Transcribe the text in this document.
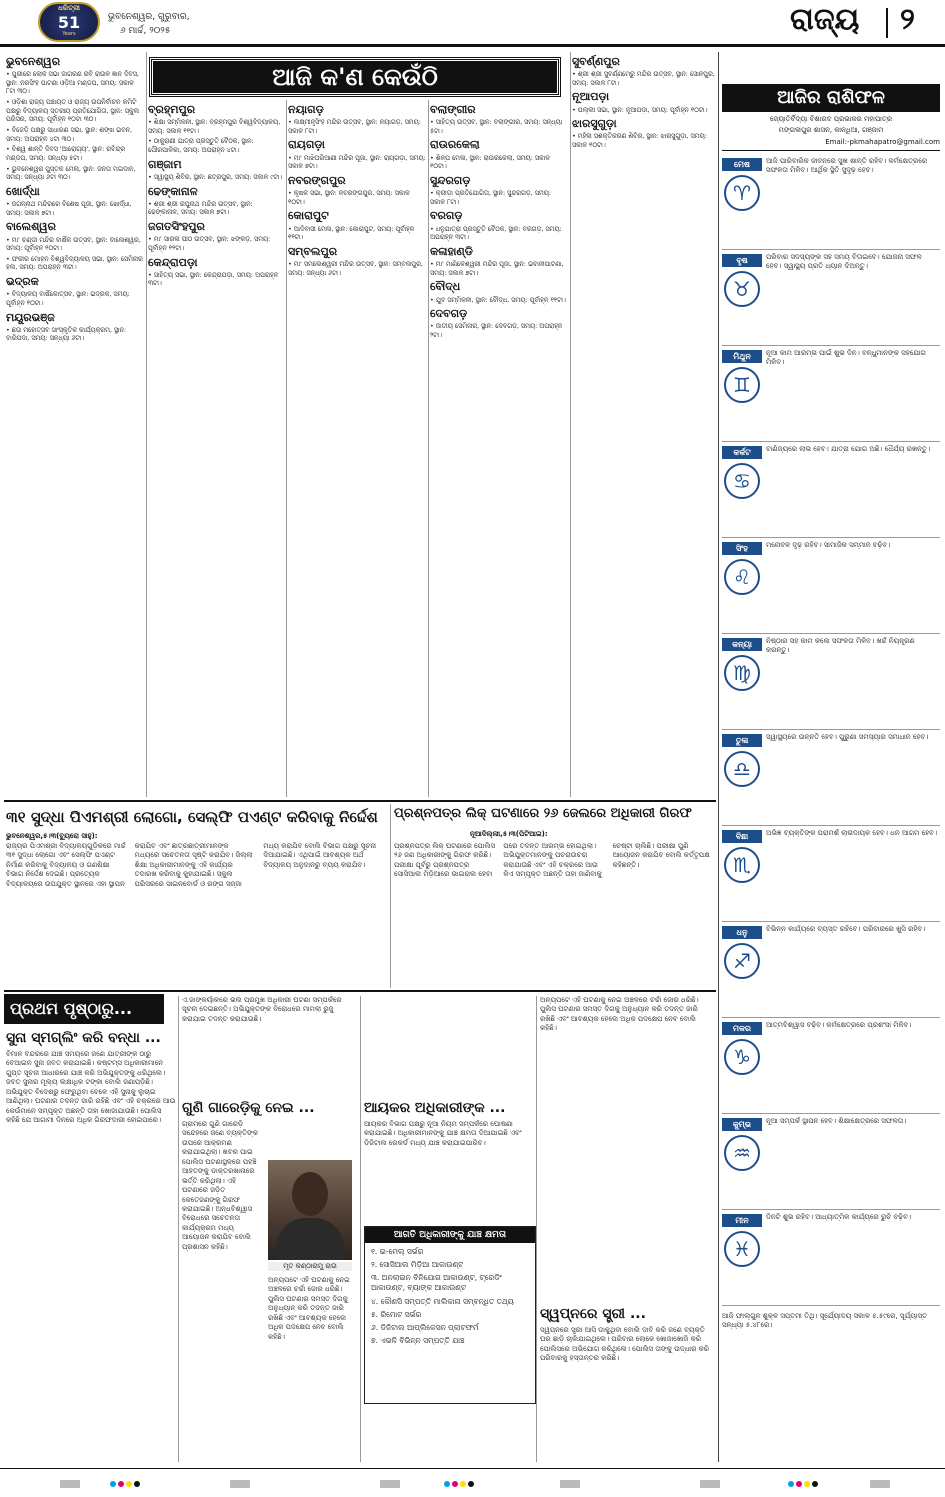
ଧରିତ୍ରୀ
51
Years
ଭୁବନେଶ୍ୱର, ଗୁରୁବାର,
୬ ମାର୍ଚ୍ଚ, ୨୦୨୫	ରାଜ୍ୟ ୨
ଆଜି କ'ଣ କେଉଁଠି
ଭୁବନେଶ୍ୱର

• ପୁରୀରେ ଲୋକ ସଭା ଜାଗରଣ ରବି ରାଉଳ ଜ୍ଞାନ ଦିବସ, ସ୍ଥାନ: ନରସିଂହ ପାଟଣା ଓଡ଼ିଆ ମଣ୍ଡପ, ସମୟ: ସକାଳ ୮ଟା ୩୦।

• ଓଡ଼ିଶା ରାଜ୍ୟ ପଞ୍ଚାୟତ ଓ ରାଜ୍ୟ ଉପନିର୍ବାଚନ କମିଟି ପକ୍ଷରୁ ବିଦ୍ୟାଳୟ ସ୍ତରୀୟ ପ୍ରତିଯୋଗିତା, ସ୍ଥାନ: ସ୍କୁଲ ପରିସର, ସମୟ: ପୂର୍ବାହ୍ନ ୧୦ଟା ୩୦।

• ବିଜେଡ଼ି ପକ୍ଷରୁ ସାଧାରଣ ସଭା, ସ୍ଥାନ: ଶଙ୍ଖ ଭବନ, ସମୟ: ଅପରାହ୍ନ ୪ଟା ୩୦।

• ବିଶ୍ୱ ଶାନ୍ତି ଦିବସ 'ଆରୋଗ୍ୟ', ସ୍ଥାନ: ରବିନ୍ଦ୍ର ମଣ୍ଡପ, ସମୟ: ସନ୍ଧ୍ୟା ୫ଟା।

• ଭୁବନେଶ୍ୱର ପୁସ୍ତକ ମେଳା, ସ୍ଥାନ: ଜନତା ମଇଦାନ, ସମୟ: ସନ୍ଧ୍ୟା ୬ଟା ୩୦।

ଖୋର୍ଦ୍ଧା

• ଜଗନ୍ନାଥ ମନ୍ଦିରରେ ବିଶେଷ ପୂଜା, ସ୍ଥାନ: ଖୋର୍ଦ୍ଧା, ସମୟ: ସକାଳ ୭ଟା।

ବାଲେଶ୍ୱର

• ମା' ଚଣ୍ଡୀ ମନ୍ଦିର ବାର୍ଷିକ ଉତ୍ସବ, ସ୍ଥାନ: ବାଲେଶ୍ୱର, ସମୟ: ପୂର୍ବାହ୍ନ ୧୦ଟା।

• ଫକୀର ମୋହନ ବିଶ୍ୱବିଦ୍ୟାଳୟ ସଭା, ସ୍ଥାନ: ସେମିନାର ହଲ, ସମୟ: ଅପରାହ୍ନ ୩ଟା।

ଭଦ୍ରକ

• ବିଦ୍ୟାଳୟ ବାର୍ଷିକୋତ୍ସବ, ସ୍ଥାନ: ଭଦ୍ରକ, ସମୟ: ପୂର୍ବାହ୍ନ ୧୦ଟା।

ମୟୂରଭଞ୍ଜ

• ଛଉ ମହୋତ୍ସବ ସାଂସ୍କୃତିକ କାର୍ଯ୍ୟକ୍ରମ, ସ୍ଥାନ: ବାରିପଦା, ସମୟ: ସନ୍ଧ୍ୟା ୬ଟା।

ବ୍ରହ୍ମପୁର

• ଶିକ୍ଷା ସମ୍ମିଳନୀ, ସ୍ଥାନ: ବ୍ରହ୍ମପୁର ବିଶ୍ୱବିଦ୍ୟାଳୟ, ସମୟ: ସକାଳ ୧୧ଟା।

• ଠାକୁରାଣୀ ଯାତ୍ରା ପ୍ରସ୍ତୁତି ବୈଠକ, ସ୍ଥାନ: ପୌରପାଳିକା, ସମୟ: ଅପରାହ୍ନ ୪ଟା।

ଗଞ୍ଜାମ

• ସ୍ୱାସ୍ଥ୍ୟ ଶିବିର, ସ୍ଥାନ: ଛତ୍ରପୁର, ସମୟ: ସକାଳ ୯ଟା।

ଢେଙ୍କାନାଳ

• ଶ୍ରୀ ଶ୍ରୀ ରଘୁନାଥ ମନ୍ଦିର ଉତ୍ସବ, ସ୍ଥାନ: ଢେଙ୍କାନାଳ, ସମୟ: ସକାଳ ୭ଟା।

ଜଗତସିଂହପୁର

• ମା' ସାରଳା ପୀଠ ଉତ୍ସବ, ସ୍ଥାନ: ଝଙ୍କଡ଼, ସମୟ: ପୂର୍ବାହ୍ନ ୧୧ଟା।

କେନ୍ଦ୍ରାପଡ଼ା

• ସାହିତ୍ୟ ସଭା, ସ୍ଥାନ: କେନ୍ଦ୍ରାପଡ଼ା, ସମୟ: ଅପରାହ୍ନ ୩ଟା।

ନୟାଗଡ଼

• ଲକ୍ଷ୍ମୀନୃସିଂହ ମନ୍ଦିର ଉତ୍ସବ, ସ୍ଥାନ: ନୟାଗଡ଼, ସମୟ: ସକାଳ ୮ଟା।

ରାୟଗଡ଼ା

• ମା' ମାଝିଘରିଆଣୀ ମନ୍ଦିର ପୂଜା, ସ୍ଥାନ: ରାୟଗଡ଼ା, ସମୟ: ସକାଳ ୭ଟା।

ନବରଙ୍ଗପୁର

• କୃଷକ ସଭା, ସ୍ଥାନ: ନବରଙ୍ଗପୁର, ସମୟ: ସକାଳ ୧୦ଟା।

କୋରାପୁଟ

• ଆଦିବାସୀ ମେଳା, ସ୍ଥାନ: କୋରାପୁଟ, ସମୟ: ପୂର୍ବାହ୍ନ ୧୧ଟା।

ସମ୍ବଲପୁର

• ମା' ସମଲେଶ୍ୱରୀ ମନ୍ଦିର ଉତ୍ସବ, ସ୍ଥାନ: ସମ୍ବଲପୁର, ସମୟ: ସନ୍ଧ୍ୟା ୬ଟା।

ବଲାଙ୍ଗୀର

• ସାହିତ୍ୟ ଉତ୍ସବ, ସ୍ଥାନ: ବଲାଙ୍ଗୀର, ସମୟ: ସନ୍ଧ୍ୟା ୫ଟା।

ରାଉରକେଲା

• ଶିଳ୍ପ ମେଳା, ସ୍ଥାନ: ରାଉରକେଲା, ସମୟ: ସକାଳ ୧୦ଟା।

ସୁନ୍ଦରଗଡ଼

• କ୍ରୀଡ଼ା ପ୍ରତିଯୋଗିତା, ସ୍ଥାନ: ସୁନ୍ଦରଗଡ଼, ସମୟ: ସକାଳ ୮ଟା।

ବରଗଡ଼

• ଧନୁଯାତ୍ରା ପ୍ରସ୍ତୁତି ବୈଠକ, ସ୍ଥାନ: ବରଗଡ଼, ସମୟ: ଅପରାହ୍ନ ୩ଟା।

କଳାହାଣ୍ଡି

• ମା' ମାଣିକେଶ୍ୱରୀ ମନ୍ଦିର ପୂଜା, ସ୍ଥାନ: ଭବାନୀପାଟଣା, ସମୟ: ସକାଳ ୭ଟା।

ବୌଦ୍ଧ

• ଯୁବ ସମ୍ମିଳନୀ, ସ୍ଥାନ: ବୌଦ୍ଧ, ସମୟ: ପୂର୍ବାହ୍ନ ୧୧ଟା।

ଦେବଗଡ଼

• ଜାତୀୟ ସେମିନାର, ସ୍ଥାନ: ଦେବଗଡ଼, ସମୟ: ଅପରାହ୍ନ ୨ଟା।

ସୁବର୍ଣ୍ଣପୁର

• ଶ୍ରୀ ଶ୍ରୀ ସୁବର୍ଣ୍ଣମେରୁ ମନ୍ଦିର ଉତ୍ସବ, ସ୍ଥାନ: ସୋନପୁର, ସମୟ: ସକାଳ ୮ଟା।

ନୂଆପଡ଼ା

• ପଲ୍ଲୀ ସଭା, ସ୍ଥାନ: ନୂଆପଡ଼ା, ସମୟ: ପୂର୍ବାହ୍ନ ୧୦ଟା।

ଝାରସୁଗୁଡ଼ା

• ମହିଳା ସଶକ୍ତିକରଣ ଶିବିର, ସ୍ଥାନ: ଝାରସୁଗୁଡ଼ା, ସମୟ: ସକାଳ ୧୦ଟା।

ଆଜିର ରାଶିଫଳ
ଜ୍ୟୋତିର୍ବିଦ୍ୟା ବିଶାରଦ ପ୍ରଭାକର ମହାପାତ୍ର
ମଙ୍ଗଳାପୁର ଶାସନ, କାନ୍ଧିଆ, ଗଞ୍ଜାମ
Email:-pkmahapatro@gmail.com
ମେଷ
♈
ଆଜି ପାରିବାରିକ ଜୀବନରେ ସୁଖ ଶାନ୍ତି ରହିବ। କର୍ମକ୍ଷେତ୍ରରେ ସଫଳତା ମିଳିବ। ଆର୍ଥିକ ସ୍ଥିତି ସୁଦୃଢ଼ ହେବ।
ବୃଷ
♉
ପରିବାର ସଦସ୍ୟଙ୍କ ସହ ସମୟ ବିତାଇବେ। ଯୋଜନା ସଫଳ ହେବ। ସ୍ୱାସ୍ଥ୍ୟ ପ୍ରତି ଧ୍ୟାନ ଦିଅନ୍ତୁ।
ମିଥୁନ
♊
ନୂଆ କାମ ଆରମ୍ଭ ପାଇଁ ଶୁଭ ଦିନ। ବନ୍ଧୁମାନଙ୍କ ସହଯୋଗ ମିଳିବ।
କର୍କଟ
♋
ବାଣିଜ୍ୟରେ ଲାଭ ହେବ। ଯାତ୍ରା ଯୋଗ ଅଛି। ଧୈର୍ଯ୍ୟ ରଖନ୍ତୁ।
ସିଂହ
♌
ମନୋବଳ ଦୃଢ଼ ରହିବ। ସାମାଜିକ ସମ୍ମାନ ବଢ଼ିବ।
କନ୍ୟା
♍
ନିଷ୍ଠାର ସହ କାମ କଲେ ସଫଳତା ମିଳିବ। ଖର୍ଚ୍ଚ ନିୟନ୍ତ୍ରଣ କରନ୍ତୁ।
ତୁଳା
♎
ସ୍ୱାସ୍ଥ୍ୟରେ ଉନ୍ନତି ହେବ। ପୁରୁଣା ସମସ୍ୟାର ସମାଧାନ ହେବ।
ବିଛା
♏
ଅଭିଜ୍ଞ ବ୍ୟକ୍ତିଙ୍କ ପରାମର୍ଶ ଲାଭଦାୟକ ହେବ। ଧନ ଆଗମ ହେବ।
ଧନୁ
♐
ବିଭିନ୍ନ କାର୍ଯ୍ୟରେ ବ୍ୟସ୍ତ ରହିବେ। ପରିବାରରେ ଖୁସି ରହିବ।
ମକର
♑
ଆତ୍ମବିଶ୍ୱାସ ବଢ଼ିବ। କର୍ମକ୍ଷେତ୍ରରେ ପ୍ରଶଂସା ମିଳିବ।
କୁମ୍ଭ
♒
ନୂଆ ସମ୍ପର୍କ ସ୍ଥାପନ ହେବ। ଶିକ୍ଷାକ୍ଷେତ୍ରରେ ସଫଳତା।
ମୀନ
♓
ଦିନଟି ଶୁଭ ରହିବ। ଆଧ୍ୟାତ୍ମିକ କାର୍ଯ୍ୟରେ ରୁଚି ବଢ଼ିବ।
ଆଜି ଫାଲ୍ଗୁନ ଶୁକ୍ଳ ସପ୍ତମୀ ତିଥି। ସୂର୍ଯ୍ୟୋଦୟ ସକାଳ ୫.୫୯ରେ, ସୂର୍ଯ୍ୟାସ୍ତ ସନ୍ଧ୍ୟା ୫.୪୮ରେ।
୩୧ ସୁଦ୍ଧା ପିଏମଶ୍ରୀ ଲୋଗୋ, ସେଲ୍ଫି ପଏଣ୍ଟ କରିବାକୁ ନିର୍ଦ୍ଦେଶ
ଭୁବନେଶ୍ୱର,୫।୩(ବ୍ୟୁରୋ ସାହୁ):
ରାଜ୍ୟର ପିଏମଶ୍ରୀ ବିଦ୍ୟାଳୟଗୁଡ଼ିକରେ ମାର୍ଚ୍ଚ ୩୧ ସୁଦ୍ଧା ଲୋଗୋ ଏବଂ ସେଲ୍ଫି ପଏଣ୍ଟ ନିର୍ମାଣ କରିବାକୁ ବିଦ୍ୟାଳୟ ଓ ଗଣଶିକ୍ଷା ବିଭାଗ ନିର୍ଦ୍ଦେଶ ଦେଇଛି। ପ୍ରତ୍ୟେକ ବିଦ୍ୟାଳୟରେ ଉପଯୁକ୍ତ ସ୍ଥାନରେ ଏହା ସ୍ଥାପନ କରାଯିବ ଏବଂ ଛାତ୍ରଛାତ୍ରୀମାନଙ୍କ ମଧ୍ୟରେ ସଚେତନତା ସୃଷ୍ଟି କରାଯିବ। ଜିଲ୍ଲା ଶିକ୍ଷା ଅଧିକାରୀମାନଙ୍କୁ ଏହି କାର୍ଯ୍ୟର ତଦାରଖ କରିବାକୁ କୁହାଯାଇଛି। ସ୍କୁଲ ପରିସରରେ ସାଇନବୋର୍ଡ ଓ ରଙ୍ଗ ସଜ୍ଜା ମଧ୍ୟ କରାଯିବ ବୋଲି ବିଭାଗ ପକ୍ଷରୁ ସୂଚନା ଦିଆଯାଇଛି। ଏଥିପାଇଁ ଆବଶ୍ୟକ ଅର୍ଥ ବିଦ୍ୟାଳୟ ଅନୁଦାନରୁ ବ୍ୟୟ କରାଯିବ।
ପ୍ରଶ୍ନପତ୍ର ଲିକ୍ ଘଟଣାରେ ୨୬ ଜେଲରେ ଅଧିକାରୀ ଗିରଫ
ନୂଆଦିଲ୍ଲୀ,୫।୩(ପିଟିଆଇ):
ପ୍ରଶ୍ନପତ୍ର ଲିକ୍ ଘଟଣାରେ ପୋଲିସ ୨୬ ଜଣ ଅଧିକାରୀଙ୍କୁ ଗିରଫ କରିଛି। ପରୀକ୍ଷା ପୂର୍ବରୁ ପ୍ରଶ୍ନପତ୍ର ସୋସିଆଲ ମିଡ଼ିଆରେ ଭାଇରାଲ ହେବା ପରେ ତଦନ୍ତ ଆରମ୍ଭ ହୋଇଥିଲା। ଅଭିଯୁକ୍ତମାନଙ୍କୁ ପଚରାଉଚରା କରାଯାଉଛି ଏବଂ ଏହି ଚକ୍ରରେ ଆଉ କିଏ ସମ୍ପୃକ୍ତ ଅଛନ୍ତି ତାହା ଜାଣିବାକୁ ଚେଷ୍ଟା ଚାଲିଛି। ପରୀକ୍ଷା ପୁଣି ଆୟୋଜନ କରାଯିବ ବୋଲି କର୍ତ୍ତୃପକ୍ଷ କହିଛନ୍ତି।
ପ୍ରଥମ ପୃଷ୍ଠାରୁ...
ସୁନା ସ୍ମଗ୍ଲିଂ କରି ବନ୍ଧା ...
ବିମାନ ବନ୍ଦରରେ ଯାଞ୍ଚ ସମୟରେ ଜଣେ ଯାତ୍ରୀଙ୍କ ଠାରୁ ବେଆଇନ ସୁନା ଜବତ କରାଯାଇଛି। କଷ୍ଟମ୍ସ ଅଧିକାରୀମାନେ ଗୁପ୍ତ ସୂଚନା ଆଧାରରେ ଯାଞ୍ଚ କରି ଅଭିଯୁକ୍ତଙ୍କୁ ଧରିଥିଲେ। ଜବତ ସୁନାର ମୂଲ୍ୟ ଲକ୍ଷାଧିକ ଟଙ୍କା ବୋଲି ଜଣାପଡ଼ିଛି। ଅଭିଯୁକ୍ତ ବିଦେଶରୁ ଫେରୁଥିବା ବେଳେ ଏହି ସୁନାକୁ ଲୁଚାଇ ଆଣିଥିଲା। ଘଟଣାର ତଦନ୍ତ ଜାରି ରହିଛି ଏବଂ ଏହି ଚକ୍ରରେ ଆଉ କେଉଁମାନେ ସମ୍ପୃକ୍ତ ଅଛନ୍ତି ତାହା ଖୋଜାଯାଉଛି। ପୋଲିସ କହିଛି ଯେ ଆଗାମୀ ଦିନରେ ଅଧିକ ଗିରଫଦାରୀ ହୋଇପାରେ।
ଏ.ଜାଙ୍କର୍ୟାକରେ ଭଲ ପ୍ରମୁଖ ଅଧିକାରୀ ଘଟଣା ସମ୍ପର୍କରେ ସୂଚନା ଦେଇଛନ୍ତି। ଅଭିଯୁକ୍ତଙ୍କ ବିରୋଧରେ ମାମଲା ରୁଜୁ କରାଯାଇ ତଦନ୍ତ କରାଯାଉଛି।
ଗୁଣି ଗାରେଡ଼ିକୁ ନେଇ ...
ଗ୍ରାମରେ ଗୁଣି ଗାରେଡ଼ି ସନ୍ଦେହରେ ଜଣେ ବ୍ୟକ୍ତିଙ୍କ ଉପରେ ଆକ୍ରମଣ କରାଯାଇଥିଲା। ଖବର ପାଇ ପୋଲିସ ଘଟଣାସ୍ଥଳରେ ପହଞ୍ଚି ଆହତଙ୍କୁ ଡାକ୍ତରଖାନାରେ ଭର୍ତ୍ତି କରିଥିଲା। ଏହି ଘଟଣାରେ ଜଡ଼ିତ କେତେଜଣଙ୍କୁ ଗିରଫ କରାଯାଇଛି। ଅନ୍ଧବିଶ୍ୱାସ ବିରୋଧରେ ସଚେତନତା କାର୍ଯ୍ୟକ୍ରମ ମଧ୍ୟ ଆୟୋଜନ କରାଯିବ ବୋଲି ପ୍ରଶାସନ କହିଛି।
ମୃତ କଣ୍ଠାରାମୁ ରାଉ
ଅନ୍ୟପଟେ ଏହି ଘଟଣାକୁ ନେଇ ଅଞ୍ଚଳରେ ଚର୍ଚ୍ଚା ଜୋର ଧରିଛି। ପୁଲିସ ଘଟଣାର ସମସ୍ତ ଦିଗକୁ ଅନୁଧ୍ୟାନ କରି ତଦନ୍ତ ଜାରି ରଖିଛି ଏବଂ ଆବଶ୍ୟକ ହେଲେ ଅଧିକ ପଦକ୍ଷେପ ନେବ ବୋଲି କହିଛି।
ଆୟକର ଅଧିକାରୀଙ୍କ ...
ଆୟକର ବିଭାଗ ପକ୍ଷରୁ ନୂଆ ନିୟମ ସମ୍ପର୍କରେ ଘୋଷଣା କରାଯାଇଛି। ଅଧିକାରୀମାନଙ୍କୁ ଯାଞ୍ଚ କ୍ଷମତା ଦିଆଯାଇଛି ଏବଂ ଡିଜିଟାଲ ରେକର୍ଡ ମଧ୍ୟ ଯାଞ୍ଚ କରାଯାଇପାରିବ।
ଆଗତି ଅଧିକାରୀଙ୍କୁ ଯାଞ୍ଚ କ୍ଷମତା
୧. ଇ-ମେଲ୍ ସର୍ଭର
୨. ସୋସିଆଲ ମିଡ଼ିଆ ଆକାଉଣ୍ଟ
୩. ଅନଲାଇନ ବିନିଯୋଗ ଆକାଉଣ୍ଟ, ଟ୍ରେଡିଂ ଆକାଉଣ୍ଟ, ବ୍ୟାଙ୍କ ଆକାଉଣ୍ଟ
୪. କୌଣସି ସମ୍ପତ୍ତି ମାଲିକାନା ସମ୍ବନ୍ଧିତ ତଥ୍ୟ
୫. ରିମୋଟ ସର୍ଭର
୬. ଡିଜିଟାଲ ଆପ୍ଲିକେସନ ପ୍ଲାଟଫର୍ମ
୭. ଏଭଳି ବିଭିନ୍ନ ସମ୍ପତ୍ତି ଯାଞ୍ଚ
ସ୍ୱପ୍ନରେ ସ୍ତ୍ରୀ ...
ସ୍ୱପ୍ନରେ ସ୍ତ୍ରୀ ଆସି ଡାକୁଥିବା ବୋଲି ଦାବି କରି ଜଣେ ବ୍ୟକ୍ତି ଘର ଛାଡ଼ି ଚାଲିଯାଇଥିଲେ। ପରିବାର ଲୋକେ ଖୋଜାଖୋଜି କରି ପୋଲିସରେ ଅଭିଯୋଗ କରିଥିଲେ। ପୋଲିସ ତାଙ୍କୁ ଉଦ୍ଧାର କରି ପରିବାରକୁ ହସ୍ତାନ୍ତର କରିଛି।
ଅନ୍ୟପଟେ ଏହି ଘଟଣାକୁ ନେଇ ଅଞ୍ଚଳରେ ଚର୍ଚ୍ଚା ଜୋର ଧରିଛି। ପୁଲିସ ଘଟଣାର ସମସ୍ତ ଦିଗକୁ ଅନୁଧ୍ୟାନ କରି ତଦନ୍ତ ଜାରି ରଖିଛି ଏବଂ ଆବଶ୍ୟକ ହେଲେ ଅଧିକ ପଦକ୍ଷେପ ନେବ ବୋଲି କହିଛି।
